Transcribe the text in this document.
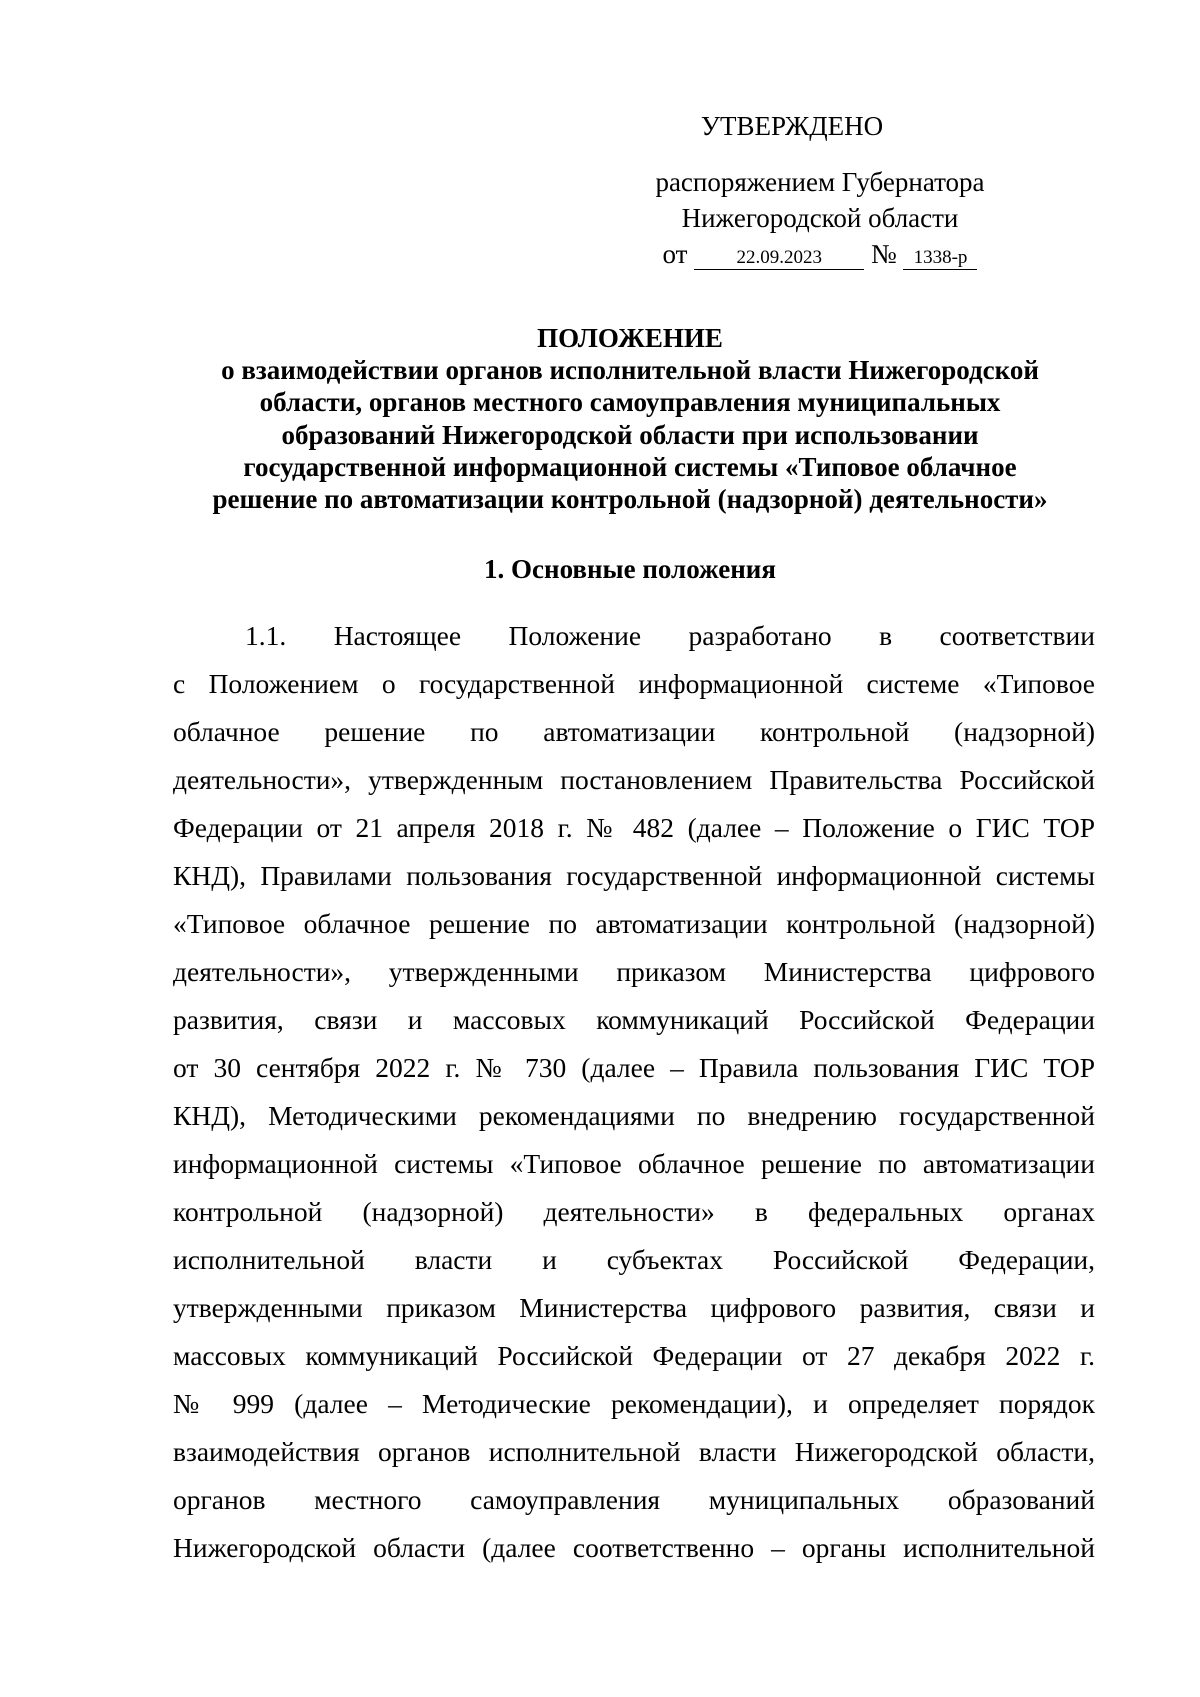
УТВЕРЖДЕНО
распоряжением Губернатора
Нижегородской области
от	22.09.2023 № 1338-р
ПОЛОЖЕНИЕ
о взаимодействии органов исполнительной власти Нижегородской
области, органов местного самоуправления муниципальных
образований Нижегородской области при использовании
государственной информационной системы «Типовое облачное
решение по автоматизации контрольной (надзорной) деятельности»
1. Основные положения
1.1. Настоящее Положение разработано в соответствии
с Положением о государственной информационной системе «Типовое
облачное решение по автоматизации контрольной (надзорной)
деятельности», утвержденным постановлением Правительства Российской
Федерации от 21 апреля 2018 г. № 482 (далее – Положение о ГИС ТОР
КНД), Правилами пользования государственной информационной системы
«Типовое облачное решение по автоматизации контрольной (надзорной)
деятельности», утвержденными приказом Министерства цифрового
развития, связи и массовых коммуникаций Российской Федерации
от 30 сентября 2022 г. № 730 (далее – Правила пользования ГИС ТОР
КНД), Методическими рекомендациями по внедрению государственной
информационной системы «Типовое облачное решение по автоматизации
контрольной (надзорной) деятельности» в федеральных органах
исполнительной власти и субъектах Российской Федерации,
утвержденными приказом Министерства цифрового развития, связи и
массовых коммуникаций Российской Федерации от 27 декабря 2022 г.
№ 999 (далее – Методические рекомендации), и определяет порядок
взаимодействия органов исполнительной власти Нижегородской области,
органов местного самоуправления муниципальных образований
Нижегородской области (далее соответственно – органы исполнительной
